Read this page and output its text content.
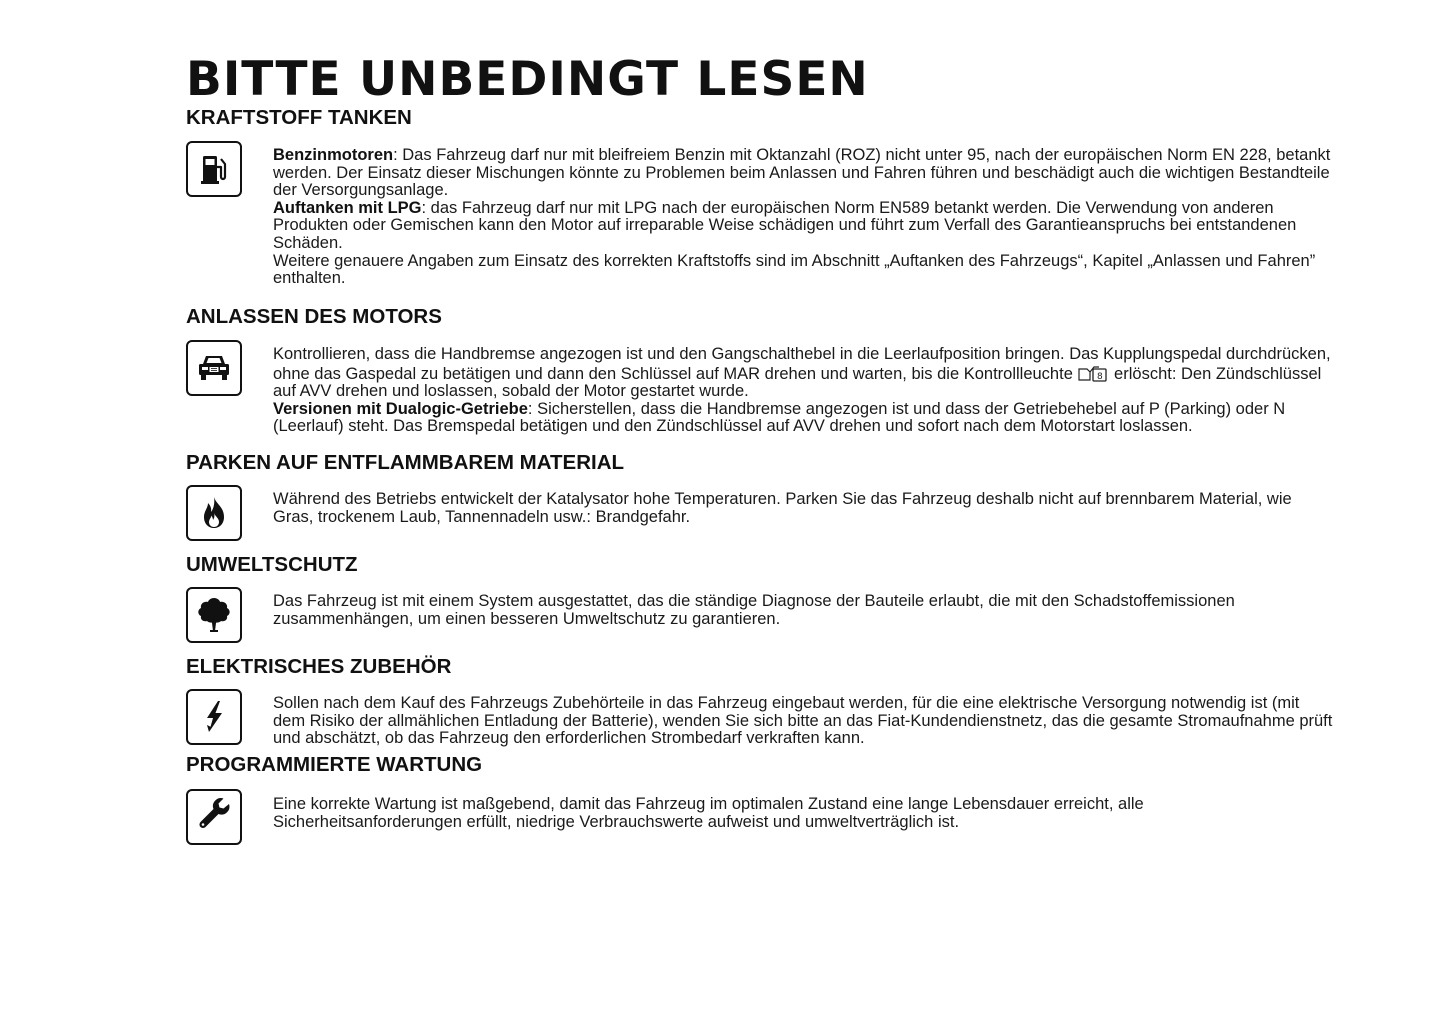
BITTE UNBEDINGT LESEN
KRAFTSTOFF TANKEN

Benzinmotoren: Das Fahrzeug darf nur mit bleifreiem Benzin mit Oktanzahl (ROZ) nicht unter 95, nach der europäischen Norm EN 228, betankt werden. Der Einsatz dieser Mischungen könnte zu Problemen beim Anlassen und Fahren führen und beschädigt auch die wichtigen Bestandteile der Versorgungsanlage.

Auftanken mit LPG: das Fahrzeug darf nur mit LPG nach der europäischen Norm EN589 betankt werden. Die Verwendung von anderen Produkten oder Gemischen kann den Motor auf irreparable Weise schädigen und führt zum Verfall des Garantieanspruchs bei entstandenen Schäden.

Weitere genauere Angaben zum Einsatz des korrekten Kraftstoffs sind im Abschnitt „Auftanken des Fahrzeugs“, Kapitel „Anlassen und Fahren” enthalten.

ANLASSEN DES MOTORS

Kontrollieren, dass die Handbremse angezogen ist und den Gangschalthebel in die Leerlaufposition bringen. Das Kupplungspedal durchdrücken, ohne das Gaspedal zu betätigen und dann den Schlüssel auf MAR drehen und warten, bis die Kontrollleuchte 8 erlöscht: Den Zündschlüssel auf AVV drehen und loslassen, sobald der Motor gestartet wurde.

Versionen mit Dualogic-Getriebe: Sicherstellen, dass die Handbremse angezogen ist und dass der Getriebehebel auf P (Parking) oder N (Leerlauf) steht. Das Bremspedal betätigen und den Zündschlüssel auf AVV drehen und sofort nach dem Motorstart loslassen.

PARKEN AUF ENTFLAMMBAREM MATERIAL

Während des Betriebs entwickelt der Katalysator hohe Temperaturen. Parken Sie das Fahrzeug deshalb nicht auf brennbarem Material, wie Gras, trockenem Laub, Tannennadeln usw.: Brandgefahr.

UMWELTSCHUTZ

Das Fahrzeug ist mit einem System ausgestattet, das die ständige Diagnose der Bauteile erlaubt, die mit den Schadstoffemissionen zusammenhängen, um einen besseren Umweltschutz zu garantieren.

ELEKTRISCHES ZUBEHÖR

Sollen nach dem Kauf des Fahrzeugs Zubehörteile in das Fahrzeug eingebaut werden, für die eine elektrische Versorgung notwendig ist (mit dem Risiko der allmählichen Entladung der Batterie), wenden Sie sich bitte an das Fiat-Kundendienstnetz, das die gesamte Stromaufnahme prüft und abschätzt, ob das Fahrzeug den erforderlichen Strombedarf verkraften kann.

PROGRAMMIERTE WARTUNG

Eine korrekte Wartung ist maßgebend, damit das Fahrzeug im optimalen Zustand eine lange Lebensdauer erreicht, alle Sicherheitsanforderungen erfüllt, niedrige Verbrauchswerte aufweist und umweltverträglich ist.
